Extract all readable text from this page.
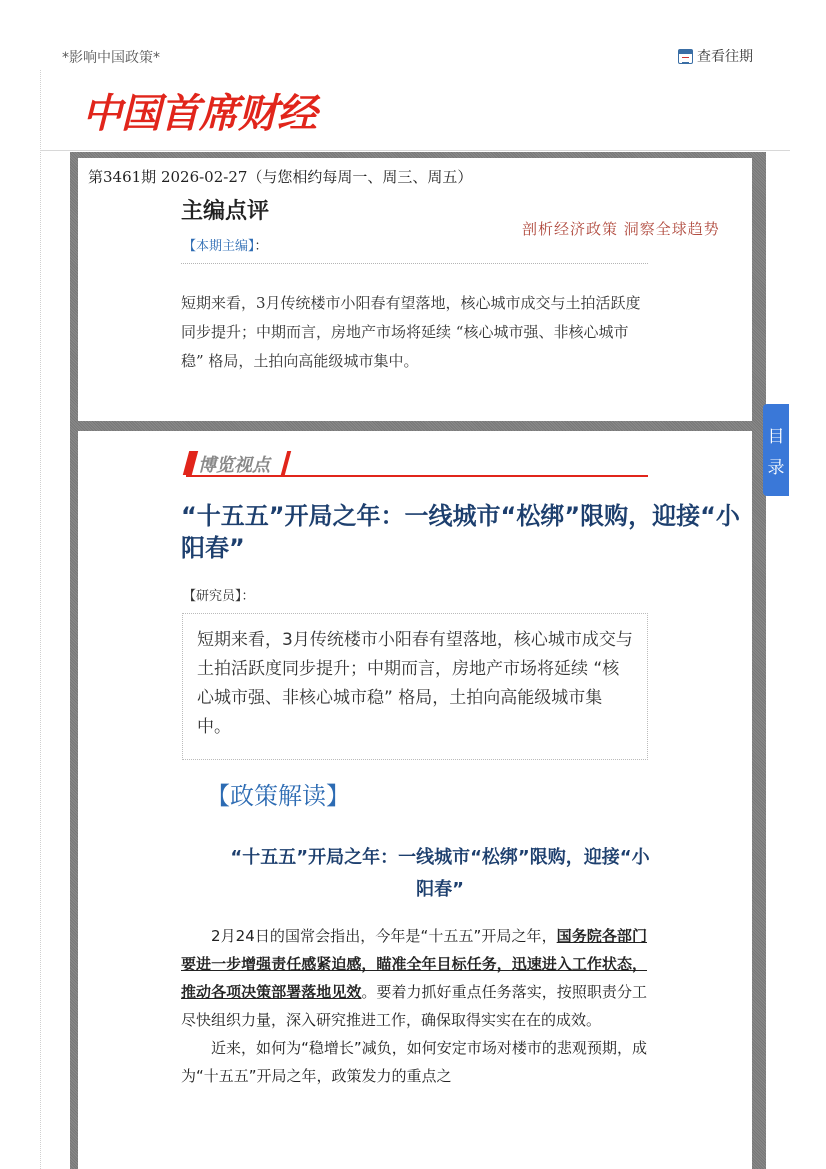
*影响中国政策*	查看往期
中国首席财经
第3461期 2026-02-27（与您相约每周一、周三、周五）
主编点评
剖析经济政策 洞察全球趋势
【本期主编】：
短期来看，3月传统楼市小阳春有望落地，核心城市成交与土拍活跃度同步提升；中期而言，房地产市场将延续 “核心城市强、非核心城市稳” 格局，土拍向高能级城市集中。
目
录
博览视点
“十五五”开局之年：一线城市“松绑”限购，迎接“小阳春”
【研究员】：
短期来看，3月传统楼市小阳春有望落地，核心城市成交与土拍活跃度同步提升；中期而言，房地产市场将延续 “核心城市强、非核心城市稳” 格局，土拍向高能级城市集中。
【政策解读】
“十五五”开局之年：一线城市“松绑”限购，迎接“小阳春”

2月24日的国常会指出，今年是“十五五”开局之年，国务院各部门要进一步增强责任感紧迫感，瞄准全年目标任务，迅速进入工作状态，推动各项决策部署落地见效。要着力抓好重点任务落实，按照职责分工尽快组织力量，深入研究推进工作，确保取得实实在在的成效。

近来，如何为“稳增长”减负，如何安定市场对楼市的悲观预期，成为“十五五”开局之年，政策发力的重点之
